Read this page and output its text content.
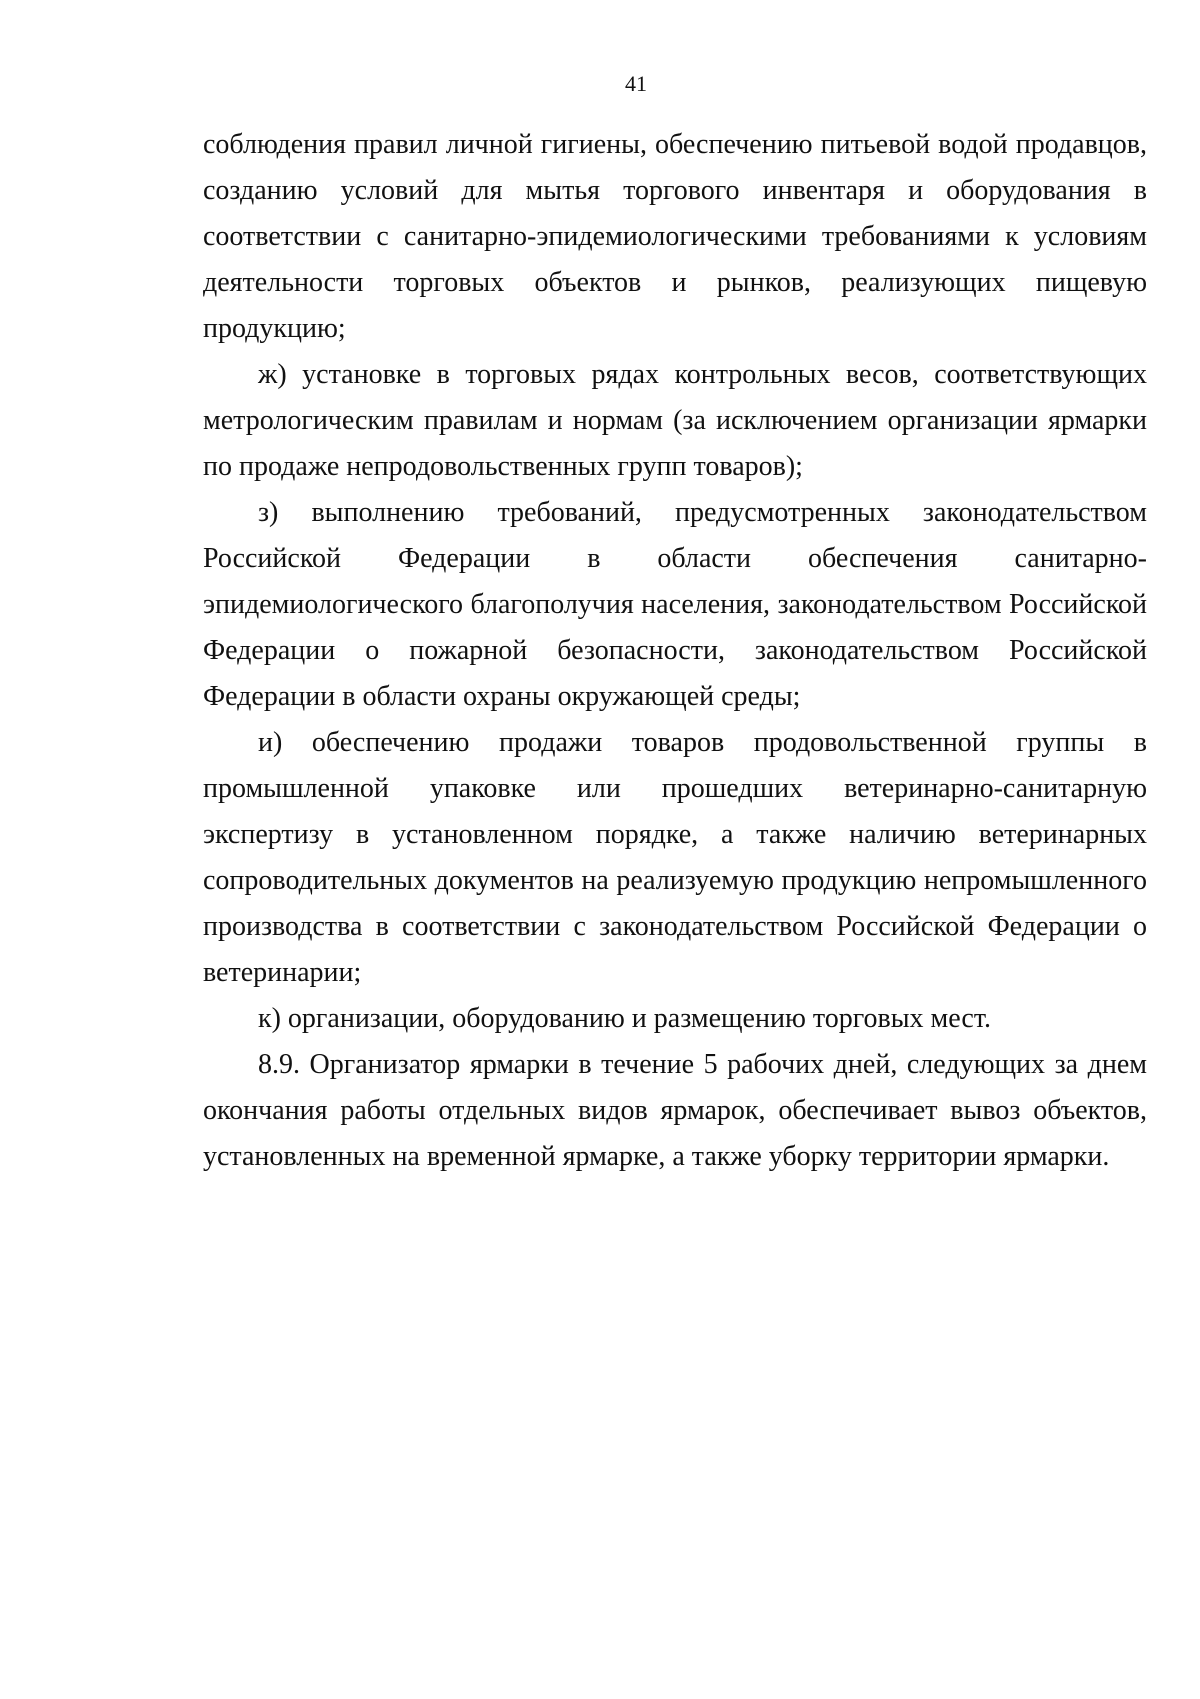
41

соблюдения правил личной гигиены, обеспечению питьевой водой продавцов, созданию условий для мытья торгового инвентаря и оборудования в соответствии с санитарно-эпидемиологическими требованиями к условиям деятельности торговых объектов и рынков, реализующих пищевую продукцию;

ж) установке в торговых рядах контрольных весов, соответствующих метрологическим правилам и нормам (за исключением организации ярмарки по продаже непродовольственных групп товаров);

з) выполнению требований, предусмотренных законодательством Российской Федерации в области обеспечения санитарно-эпидемиологического благополучия населения, законодательством Российской Федерации о пожарной безопасности, законодательством Российской Федерации в области охраны окружающей среды;

и) обеспечению продажи товаров продовольственной группы в промышленной упаковке или прошедших ветеринарно-санитарную экспертизу в установленном порядке, а также наличию ветеринарных сопроводительных документов на реализуемую продукцию непромышленного производства в соответствии с законодательством Российской Федерации о ветеринарии;

к) организации, оборудованию и размещению торговых мест.

8.9. Организатор ярмарки в течение 5 рабочих дней, следующих за днем окончания работы отдельных видов ярмарок, обеспечивает вывоз объектов, установленных на временной ярмарке, а также уборку территории ярмарки.
